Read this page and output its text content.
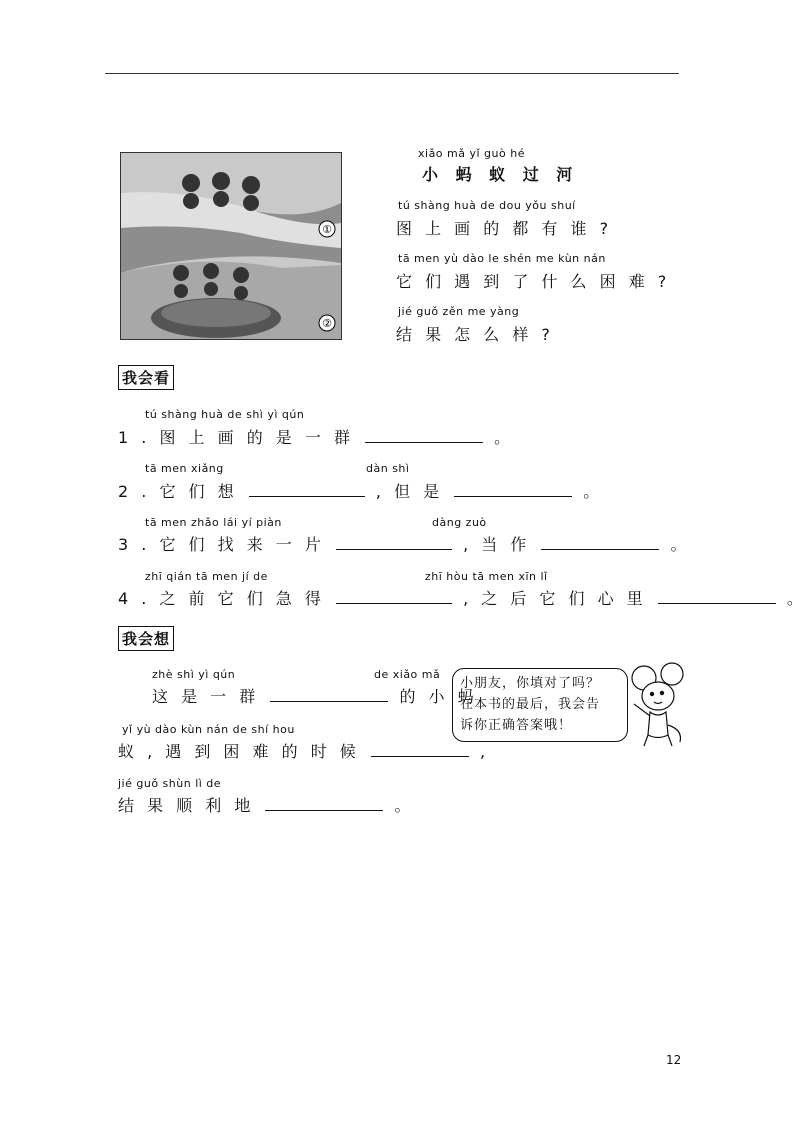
①
②
xiǎo mǎ yǐ guò hé
小 蚂 蚁 过 河
tú shàng huà de dou yǒu shuí
图 上 画 的 都 有 谁 ?
tā men yù dào le shén me kùn nán
它 们 遇 到 了 什 么 困 难 ?
jié guǒ zěn me yàng
结 果 怎 么 样 ?
我会看
tú shàng huà de shì yì qún
1 . 图 上 画 的 是 一 群	。
tā men xiǎng	dàn shì
2 . 它 们 想	, 但 是	。
tā men zhǎo lái yí piàn	dàng zuò
3 . 它 们 找 来 一 片	, 当 作	。
zhī qián tā men jí de	zhī hòu tā men xīn lǐ
4 . 之 前 它 们 急 得	, 之 后 它 们 心 里	。
我会想
zhè shì yì qún	de xiǎo mǎ
这 是 一 群	的 小 蚂
yǐ yù dào kùn nán de shí hou
蚁 , 遇 到 困 难 的 时 候	,
jié guǒ shùn lì de
结 果 顺 利 地	。
小朋友，你填对了吗？
在本书的最后，我会告
诉你正确答案哦！
12
